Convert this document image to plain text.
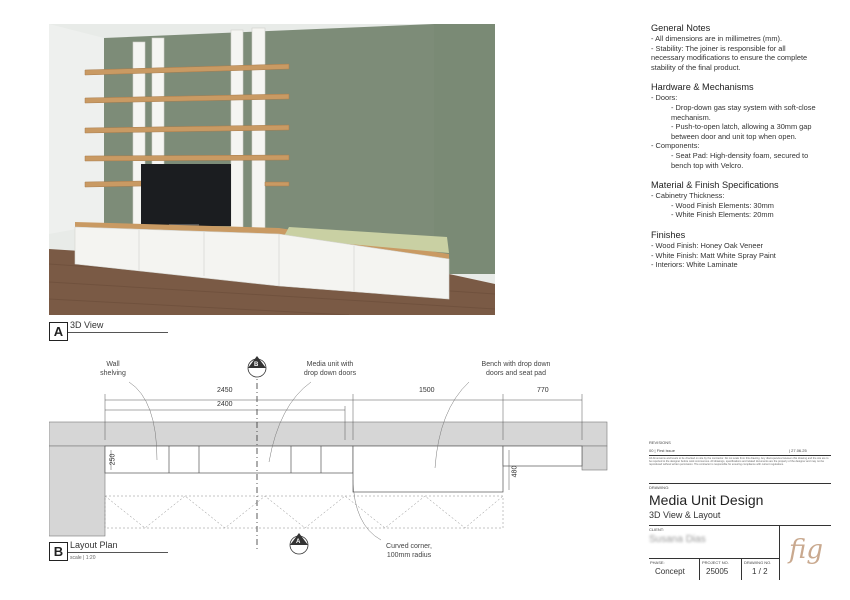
A 3D View
General Notes
- All dimensions are in millimetres (mm).
- Stability: The joiner is responsible for all
necessary modifications to ensure the complete
stability of the final product.
Hardware & Mechanisms
- Doors:
- Drop-down gas stay system with soft-close
mechanism.
- Push-to-open latch, allowing a 30mm gap
between door and unit top when open.
- Components:
- Seat Pad: High-density foam, secured to
bench top with Velcro.
Material & Finish Specifications
- Cabinetry Thickness:
- Wood Finish Elements: 30mm
- White Finish Elements: 20mm
Finishes
- Wood Finish: Honey Oak Veneer
- White Finish: Matt White Spray Paint
- Interiors: White Laminate
Wall
shelving
Media unit with
drop down doors
Bench with drop down
doors and seat pad
Curved corner,
100mm radius
2450
2400
1500	770
250
480
B
A
B Layout Plan
scale | 1:20
REVISIONS
00 | First issue	| 27.06.25
All dimensions and levels to be checked on site by the contractor. Do not scale from this drawing. Any discrepancies between this drawing and the site are to be reported to the designer before work commences. All drawings, specifications and related documents are the property of the designer and may not be reproduced without written permission. The contractor is responsible for ensuring compliance with current regulations.
DRAWING:
Media Unit Design
3D View & Layout
CLIENT:
Susana Dias
PHASE:
Concept
PROJECT NO.
25005
DRAWING NO.
1 / 2
fig
